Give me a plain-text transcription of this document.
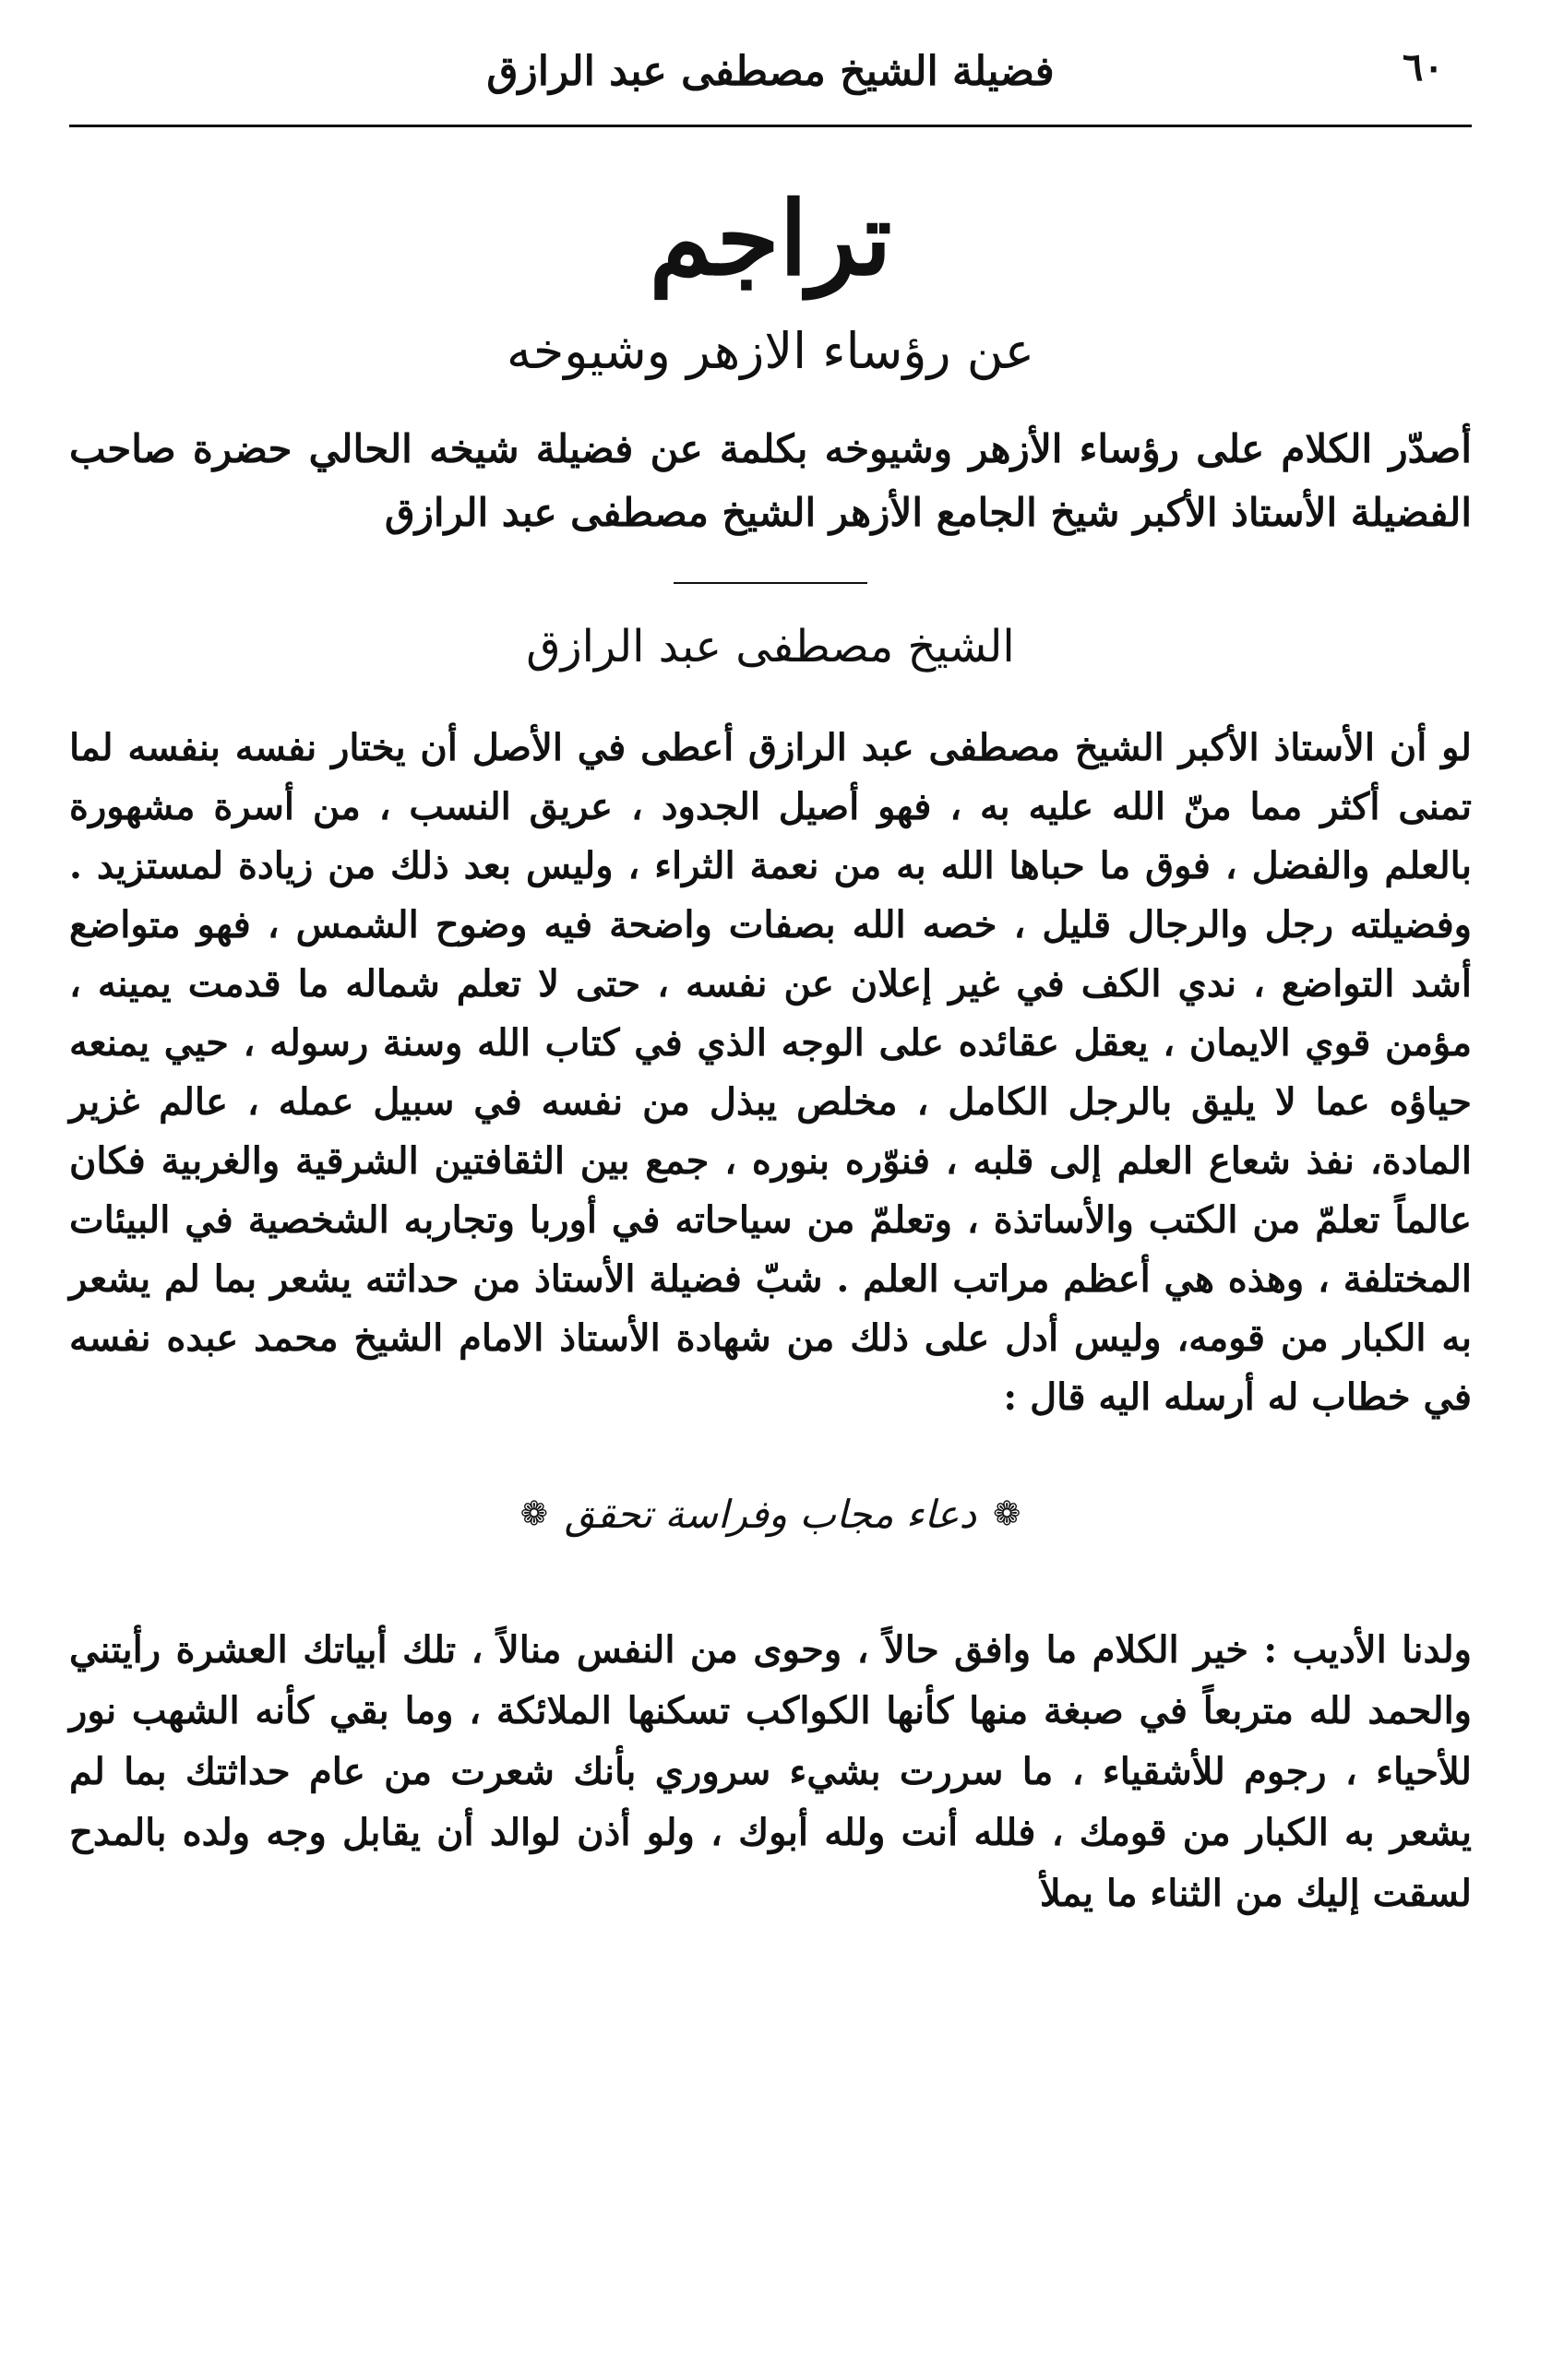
٦٠
فضيلة الشيخ مصطفى عبد الرازق
تراجم
عن رؤساء الازهر وشيوخه
أصدّر الكلام على رؤساء الأزهر وشيوخه بكلمة عن فضيلة شيخه الحالي حضرة صاحب الفضيلة الأستاذ الأكبر شيخ الجامع الأزهر الشيخ مصطفى عبد الرازق
الشيخ مصطفى عبد الرازق

لو أن الأستاذ الأكبر الشيخ مصطفى عبد الرازق أعطى في الأصل أن يختار نفسه بنفسه لما تمنى أكثر مما منّ الله عليه به ، فهو أصيل الجدود ، عريق النسب ، من أسرة مشهورة بالعلم والفضل ، فوق ما حباها الله به من نعمة الثراء ، وليس بعد ذلك من زيادة لمستزيد . وفضيلته رجل والرجال قليل ، خصه الله بصفات واضحة فيه وضوح الشمس ، فهو متواضع أشد التواضع ، ندي الكف في غير إعلان عن نفسه ، حتى لا تعلم شماله ما قدمت يمينه ، مؤمن قوي الايمان ، يعقل عقائده على الوجه الذي في كتاب الله وسنة رسوله ، حيي يمنعه حياؤه عما لا يليق بالرجل الكامل ، مخلص يبذل من نفسه في سبيل عمله ، عالم غزير المادة، نفذ شعاع العلم إلى قلبه ، فنوّره بنوره ، جمع بين الثقافتين الشرقية والغربية فكان عالماً تعلمّ من الكتب والأساتذة ، وتعلمّ من سياحاته في أوربا وتجاربه الشخصية في البيئات المختلفة ، وهذه هي أعظم مراتب العلم . شبّ فضيلة الأستاذ من حداثته يشعر بما لم يشعر به الكبار من قومه، وليس أدل على ذلك من شهادة الأستاذ الامام الشيخ محمد عبده نفسه في خطاب له أرسله اليه قال :

❁
دعاء مجاب وفراسة تحقق
❁

ولدنا الأديب : خير الكلام ما وافق حالاً ، وحوى من النفس منالاً ، تلك أبياتك العشرة رأيتني والحمد لله متربعاً في صبغة منها كأنها الكواكب تسكنها الملائكة ، وما بقي كأنه الشهب نور للأحياء ، رجوم للأشقياء ، ما سررت بشيء سروري بأنك شعرت من عام حداثتك بما لم يشعر به الكبار من قومك ، فلله أنت ولله أبوك ، ولو أذن لوالد أن يقابل وجه ولده بالمدح لسقت إليك من الثناء ما يملأ
